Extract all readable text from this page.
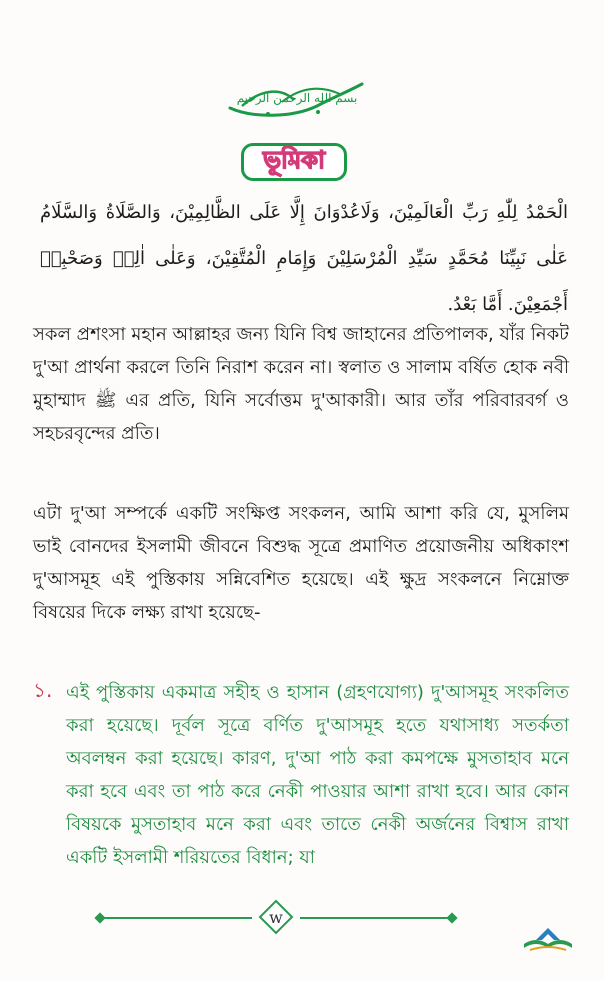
بسم الله الرحمن الرحيم
ভূমিকা
الْحَمْدُ لِلّٰهِ رَبِّ الْعَالَمِيْنَ، وَلَاعُدْوَانَ إِلَّا عَلَى الظَّالِمِيْنَ، وَالصَّلَاةُ وَالسَّلَامُ عَلٰى نَبِيِّنَا مُحَمَّدٍ سَيِّدِ الْمُرْسَلِيْنَ وَإِمَامِ الْمُتَّقِيْنَ، وَعَلٰى اٰلِهٖ وَصَحْبِهٖ أَجْمَعِيْنَ. أَمَّا بَعْدُ.
সকল প্রশংসা মহান আল্লাহর জন্য যিনি বিশ্ব জাহানের প্রতিপালক, যাঁর নিকট দু'আ প্রার্থনা করলে তিনি নিরাশ করেন না। স্বলাত ও সালাম বর্ষিত হোক নবী মুহাম্মাদ ﷺ এর প্রতি, যিনি সর্বোত্তম দু'আকারী। আর তাঁর পরিবারবর্গ ও সহচরবৃন্দের প্রতি।
এটা দু'আ সম্পর্কে একটি সংক্ষিপ্ত সংকলন, আমি আশা করি যে, মুসলিম ভাই বোনদের ইসলামী জীবনে বিশুদ্ধ সূত্রে প্রমাণিত প্রয়োজনীয় অধিকাংশ দু'আসমূহ এই পুস্তিকায় সন্নিবেশিত হয়েছে। এই ক্ষুদ্র সংকলনে নিম্নোক্ত বিষয়ের দিকে লক্ষ্য রাখা হয়েছে-
১. এই পুস্তিকায় একমাত্র সহীহ ও হাসান (গ্রহণযোগ্য) দু'আসমূহ সংকলিত করা হয়েছে। দূর্বল সূত্রে বর্ণিত দু'আসমূহ হতে যথাসাধ্য সতর্কতা অবলম্বন করা হয়েছে। কারণ, দু'আ পাঠ করা কমপক্ষে মুসতাহাব মনে করা হবে এবং তা পাঠ করে নেকী পাওয়ার আশা রাখা হবে। আর কোন বিষয়কে মুসতাহাব মনে করা এবং তাতে নেকী অর্জনের বিশ্বাস রাখা একটি ইসলামী শরিয়তের বিধান; যা
w
